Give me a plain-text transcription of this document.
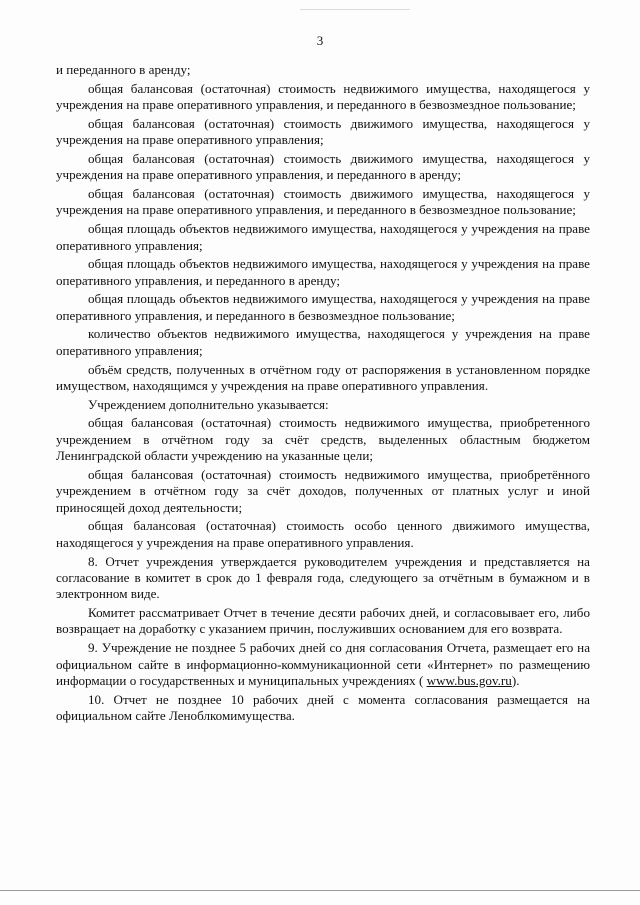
3

и переданного в аренду;

общая балансовая (остаточная) стоимость недвижимого имущества, находящегося у учреждения на праве оперативного управления, и переданного в безвозмездное пользование;

общая балансовая (остаточная) стоимость движимого имущества, находящегося у учреждения на праве оперативного управления;

общая балансовая (остаточная) стоимость движимого имущества, находящегося у учреждения на праве оперативного управления, и переданного в аренду;

общая балансовая (остаточная) стоимость движимого имущества, находящегося у учреждения на праве оперативного управления, и переданного в безвозмездное пользование;

общая площадь объектов недвижимого имущества, находящегося у учреждения на праве оперативного управления;

общая площадь объектов недвижимого имущества, находящегося у учреждения на праве оперативного управления, и переданного в аренду;

общая площадь объектов недвижимого имущества, находящегося у учреждения на праве оперативного управления, и переданного в безвозмездное пользование;

количество объектов недвижимого имущества, находящегося у учреждения на праве оперативного управления;

объём средств, полученных в отчётном году от распоряжения в установленном порядке имуществом, находящимся у учреждения на праве оперативного управления.

Учреждением дополнительно указывается:

общая балансовая (остаточная) стоимость недвижимого имущества, приобретенного учреждением в отчётном году за счёт средств, выделенных областным бюджетом Ленинградской области учреждению на указанные цели;

общая балансовая (остаточная) стоимость недвижимого имущества, приобретённого учреждением в отчётном году за счёт доходов, полученных от платных услуг и иной приносящей доход деятельности;

общая балансовая (остаточная) стоимость особо ценного движимого имущества, находящегося у учреждения на праве оперативного управления.

8. Отчет учреждения утверждается руководителем учреждения и представляется на согласование в комитет в срок до 1 февраля года, следующего за отчётным в бумажном и в электронном виде.

Комитет рассматривает Отчет в течение десяти рабочих дней, и согласовывает его, либо возвращает на доработку с указанием причин, послуживших основанием для его возврата.

9. Учреждение не позднее 5 рабочих дней со дня согласования Отчета, размещает его на официальном сайте в информационно-коммуникационной сети «Интернет» по размещению информации о государственных и муниципальных учреждениях ( www.bus.gov.ru).

10. Отчет не позднее 10 рабочих дней с момента согласования размещается на официальном сайте Ленoблкомимущества.
